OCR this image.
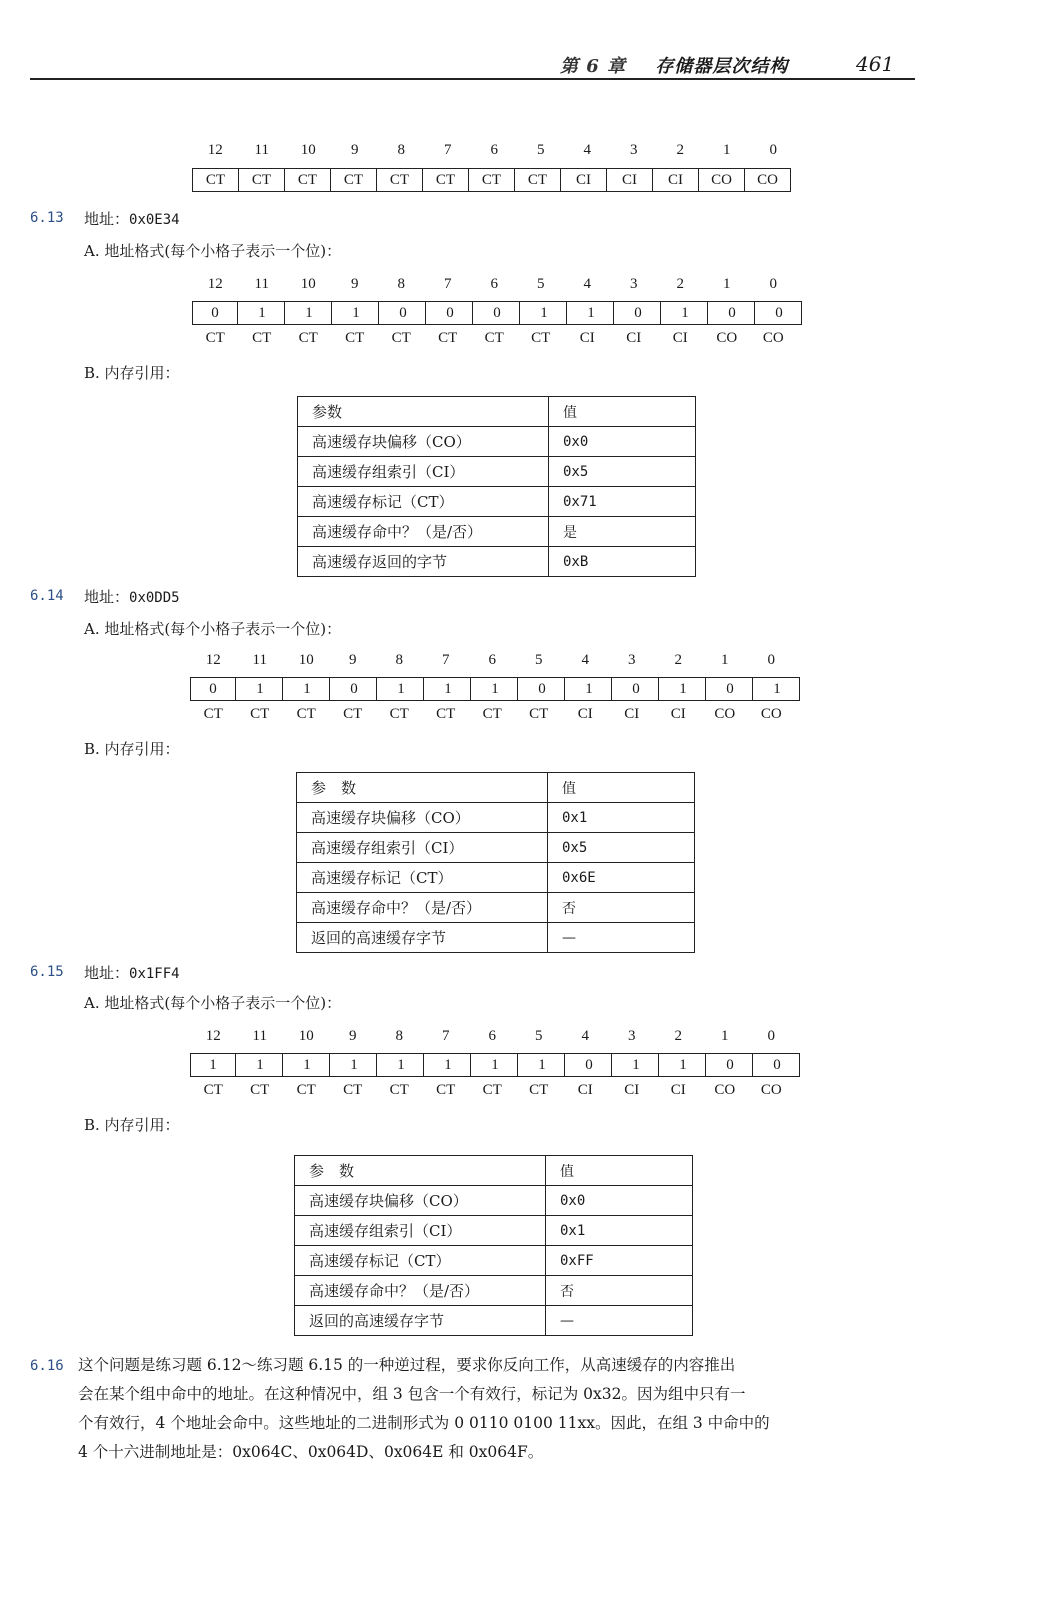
第 6 章 存储器层次结构	461
12	11	10	9	8	7	6	5	4	3	2	1	0
CT	CT	CT	CT	CT	CT	CT	CT	CI	CI	CI	CO	CO
6.13 地址：0x0E34
A. 地址格式(每个小格子表示一个位)：
12	11	10	9	8	7	6	5	4	3	2	1	0
0	1	1	1	0	0	0	1	1	0	1	0	0
CT	CT	CT	CT	CT	CT	CT	CT	CI	CI	CI	CO	CO
B. 内存引用：
参数	值
高速缓存块偏移（CO）	0x0
高速缓存组索引（CI）	0x5
高速缓存标记（CT）	0x71
高速缓存命中？（是/否）	是
高速缓存返回的字节	0xB
6.14 地址：0x0DD5
A. 地址格式(每个小格子表示一个位)：
12	11	10	9	8	7	6	5	4	3	2	1	0
0	1	1	0	1	1	1	0	1	0	1	0	1
CT	CT	CT	CT	CT	CT	CT	CT	CI	CI	CI	CO	CO
B. 内存引用：
参　数	值
高速缓存块偏移（CO）	0x1
高速缓存组索引（CI）	0x5
高速缓存标记（CT）	0x6E
高速缓存命中？（是/否）	否
返回的高速缓存字节	—
6.15 地址：0x1FF4
A. 地址格式(每个小格子表示一个位)：
12	11	10	9	8	7	6	5	4	3	2	1	0
1	1	1	1	1	1	1	1	0	1	1	0	0
CT	CT	CT	CT	CT	CT	CT	CT	CI	CI	CI	CO	CO
B. 内存引用：
参　数	值
高速缓存块偏移（CO）	0x0
高速缓存组索引（CI）	0x1
高速缓存标记（CT）	0xFF
高速缓存命中？（是/否）	否
返回的高速缓存字节	—
6.16 这个问题是练习题 6.12～练习题 6.15 的一种逆过程，要求你反向工作，从高速缓存的内容推出
会在某个组中命中的地址。在这种情况中，组 3 包含一个有效行，标记为 0x32。因为组中只有一
个有效行，4 个地址会命中。这些地址的二进制形式为 0 0110 0100 11xx。因此，在组 3 中命中的
4 个十六进制地址是：0x064C、0x064D、0x064E 和 0x064F。
